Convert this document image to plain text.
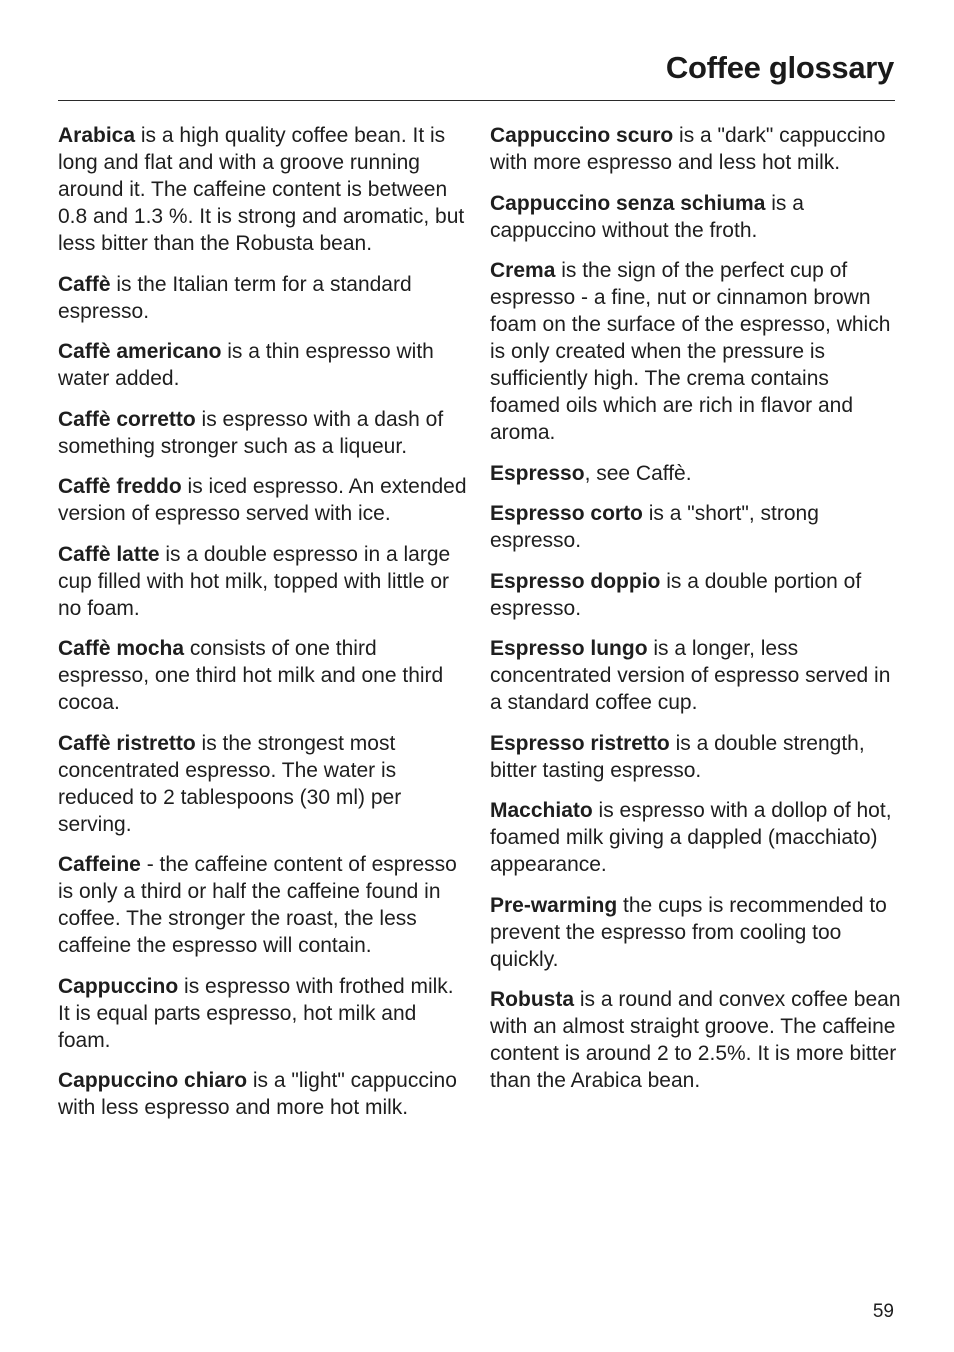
Coffee glossary

Arabica is a high quality coffee bean. It is long and flat and with a groove running around it. The caffeine content is between 0.8 and 1.3 %. It is strong and aromatic, but less bitter than the Robusta bean.

Caffè is the Italian term for a standard espresso.

Caffè americano is a thin espresso with water added.

Caffè corretto is espresso with a dash of something stronger such as a liqueur.

Caffè freddo is iced espresso. An extended version of espresso served with ice.

Caffè latte is a double espresso in a large cup filled with hot milk, topped with little or no foam.

Caffè mocha consists of one third espresso, one third hot milk and one third cocoa.

Caffè ristretto is the strongest most concentrated espresso. The water is reduced to 2 tablespoons (30 ml) per serving.

Caffeine - the caffeine content of espresso is only a third or half the caffeine found in coffee. The stronger the roast, the less caffeine the espresso will contain.

Cappuccino is espresso with frothed milk. It is equal parts espresso, hot milk and foam.

Cappuccino chiaro is a "light" cappuccino with less espresso and more hot milk.

Cappuccino scuro is a "dark" cappuccino with more espresso and less hot milk.

Cappuccino senza schiuma is a cappuccino without the froth.

Crema is the sign of the perfect cup of espresso - a fine, nut or cinnamon brown foam on the surface of the espresso, which is only created when the pressure is sufficiently high. The crema contains foamed oils which are rich in flavor and aroma.

Espresso, see Caffè.

Espresso corto is a "short", strong espresso.

Espresso doppio is a double portion of espresso.

Espresso lungo is a longer, less concentrated version of espresso served in a standard coffee cup.

Espresso ristretto is a double strength, bitter tasting espresso.

Macchiato is espresso with a dollop of hot, foamed milk giving a dappled (macchiato) appearance.

Pre-warming the cups is recommended to prevent the espresso from cooling too quickly.

Robusta is a round and convex coffee bean with an almost straight groove. The caffeine content is around 2 to 2.5%. It is more bitter than the Arabica bean.

59
